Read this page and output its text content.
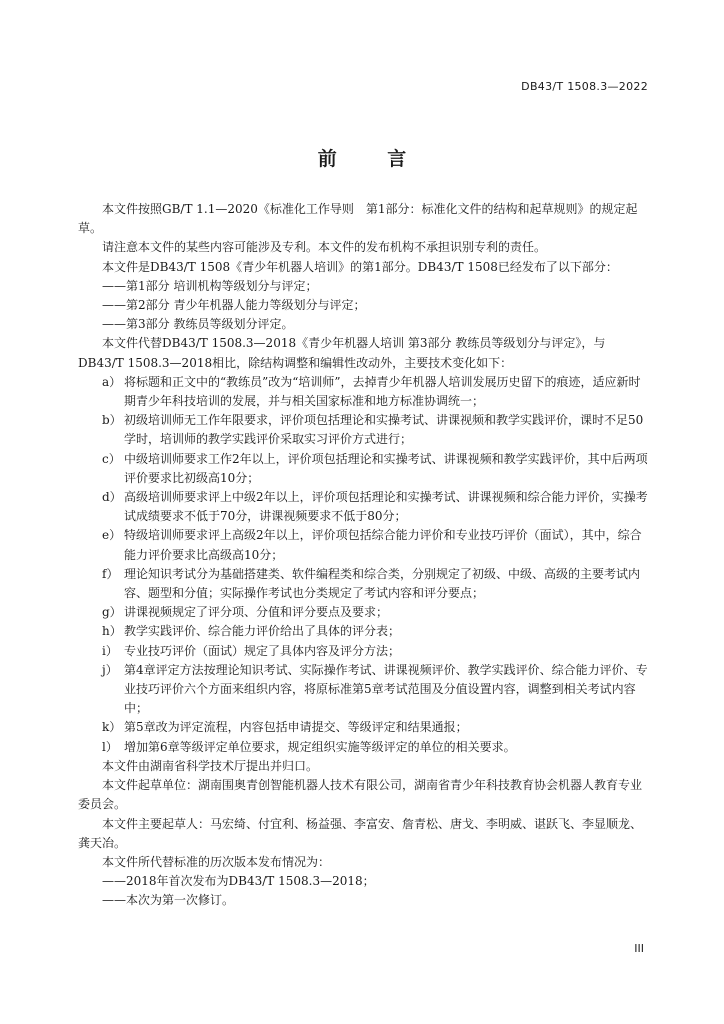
DB43/T 1508.3—2022
前 言

本文件按照GB/T 1.1—2020《标准化工作导则　第1部分：标准化文件的结构和起草规则》的规定起草。

请注意本文件的某些内容可能涉及专利。本文件的发布机构不承担识别专利的责任。

本文件是DB43/T 1508《青少年机器人培训》的第1部分。DB43/T 1508已经发布了以下部分：

——第1部分 培训机构等级划分与评定；

——第2部分 青少年机器人能力等级划分与评定；

——第3部分 教练员等级划分评定。

本文件代替DB43/T 1508.3—2018《青少年机器人培训 第3部分 教练员等级划分与评定》，与DB43/T 1508.3—2018相比，除结构调整和编辑性改动外，主要技术变化如下：

a） 将标题和正文中的“教练员”改为“培训师”，去掉青少年机器人培训发展历史留下的痕迹，适应新时期青少年科技培训的发展，并与相关国家标准和地方标准协调统一；
b） 初级培训师无工作年限要求，评价项包括理论和实操考试、讲课视频和教学实践评价，课时不足50学时，培训师的教学实践评价采取实习评价方式进行；
c） 中级培训师要求工作2年以上，评价项包括理论和实操考试、讲课视频和教学实践评价，其中后两项评价要求比初级高10分；
d） 高级培训师要求评上中级2年以上，评价项包括理论和实操考试、讲课视频和综合能力评价，实操考试成绩要求不低于70分，讲课视频要求不低于80分；
e） 特级培训师要求评上高级2年以上，评价项包括综合能力评价和专业技巧评价（面试），其中，综合能力评价要求比高级高10分；
f） 理论知识考试分为基础搭建类、软件编程类和综合类，分别规定了初级、中级、高级的主要考试内容、题型和分值；实际操作考试也分类规定了考试内容和评分要点；
g） 讲课视频规定了评分项、分值和评分要点及要求；
h） 教学实践评价、综合能力评价给出了具体的评分表；
i） 专业技巧评价（面试）规定了具体内容及评分方法；
j） 第4章评定方法按理论知识考试、实际操作考试、讲课视频评价、教学实践评价、综合能力评价、专业技巧评价六个方面来组织内容，将原标准第5章考试范围及分值设置内容，调整到相关考试内容中；
k） 第5章改为评定流程，内容包括申请提交、等级评定和结果通报；
l） 增加第6章等级评定单位要求，规定组织实施等级评定的单位的相关要求。

本文件由湖南省科学技术厅提出并归口。

本文件起草单位：湖南围奥青创智能机器人技术有限公司，湖南省青少年科技教育协会机器人教育专业委员会。

本文件主要起草人：马宏绮、付宜利、杨益强、李富安、詹青松、唐戈、李明威、谌跃飞、李显顺龙、龚天冶。

本文件所代替标准的历次版本发布情况为：

——2018年首次发布为DB43/T 1508.3—2018；

——本次为第一次修订。

III
